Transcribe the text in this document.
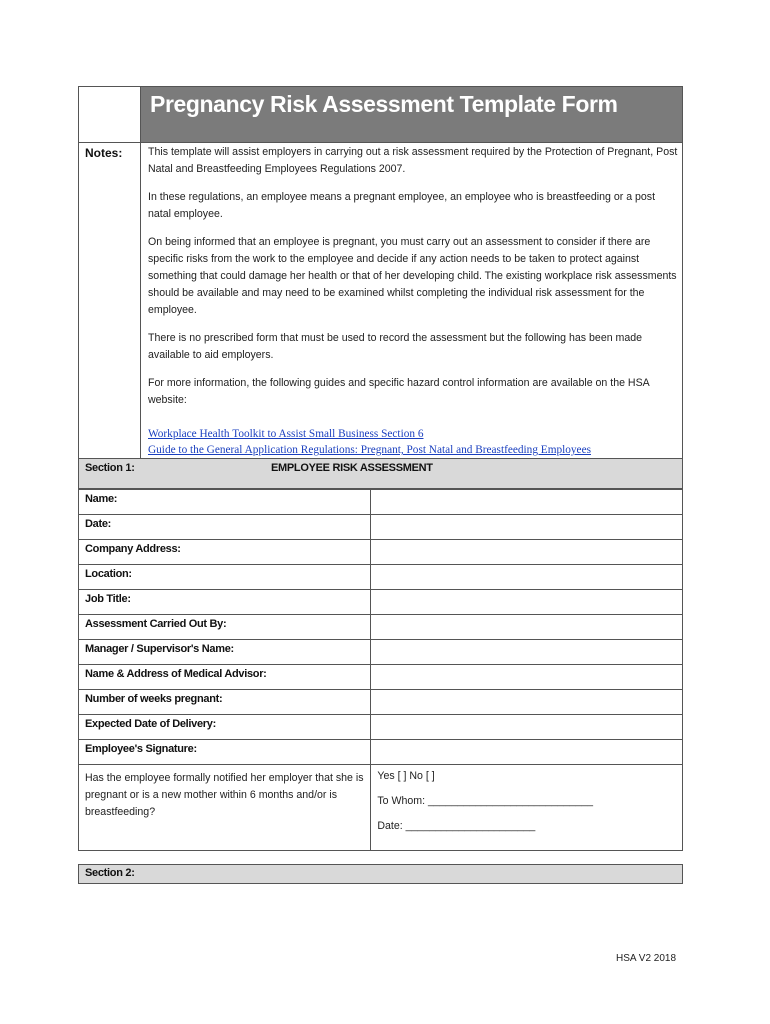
Pregnancy Risk Assessment Template Form
Notes: This template will assist employers in carrying out a risk assessment required by the Protection of Pregnant, Post Natal and Breastfeeding Employees Regulations 2007.

In these regulations, an employee means a pregnant employee, an employee who is breastfeeding or a post natal employee.

On being informed that an employee is pregnant, you must carry out an assessment to consider if there are specific risks from the work to the employee and decide if any action needs to be taken to protect against something that could damage her health or that of her developing child. The existing workplace risk assessments should be available and may need to be examined whilst completing the individual risk assessment for the employee.

There is no prescribed form that must be used to record the assessment but the following has been made available to aid employers.

For more information, the following guides and specific hazard control information are available on the HSA website:

Workplace Health Toolkit to Assist Small Business Section 6
Guide to the General Application Regulations: Pregnant, Post Natal and Breastfeeding Employees
Section 1:	EMPLOYEE RISK ASSESSMENT
Name:	
Date:	
Company Address:	
Location:	
Job Title:	
Assessment Carried Out By:	
Manager / Supervisor's Name:	
Name & Address of Medical Advisor:	
Number of weeks pregnant:	
Expected Date of Delivery:	
Employee's Signature:	
Has the employee formally notified her employer that she is pregnant or is a new mother within 6 months and/or is breastfeeding?	Yes [ ] No [ ]
To Whom: ____________________________
Date: ______________________
Section 2:
HSA V2 2018
